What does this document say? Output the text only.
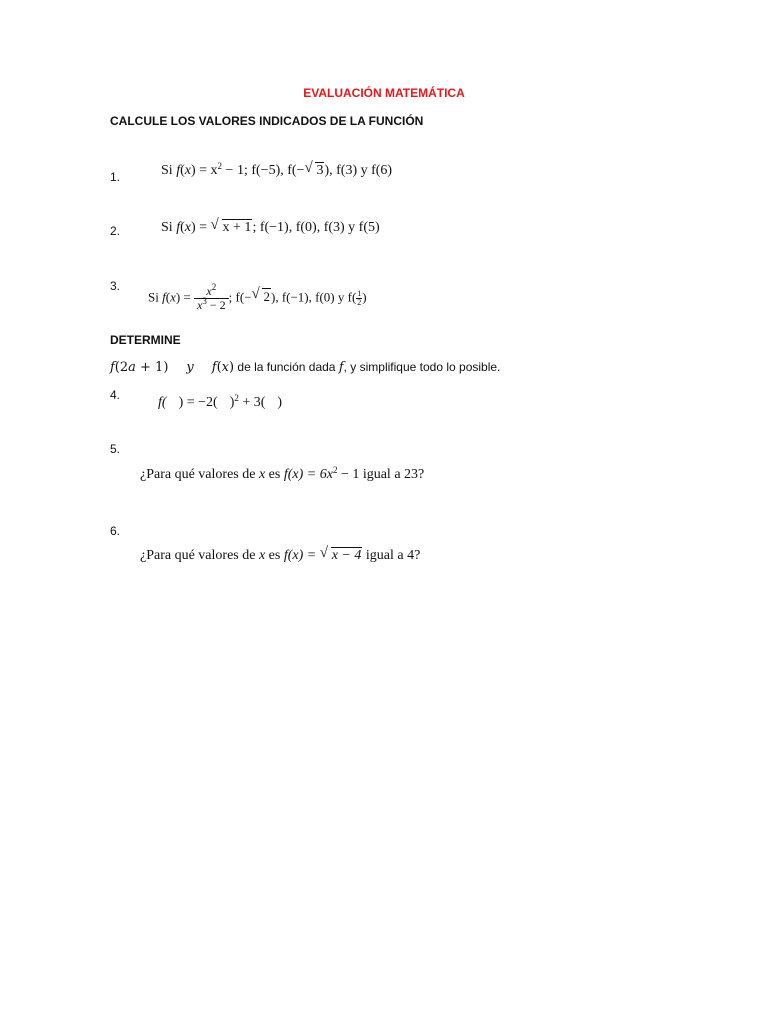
EVALUACIÓN MATEMÁTICA
CALCULE LOS VALORES INDICADOS DE LA FUNCIÓN
1.	Si $f(x) = x^2 - 1$; f(−5), f(− √ 3), f(3) y f(6)
2.	Si f(x) = √ x + 1; f(−1), f(0), f(3) y f(5)
3.
Si $f(x) = \frac{x^2}{x^3 - 2}$ ; f(− √ 2), f(−1), f(0) y $f( \frac{1}{2}$ )
DETERMINE
𝑓(2𝑎 + 1) 𝑦 𝑓(𝑥) de la función dada 𝑓, y simplifique todo lo posible.
4.	f( ) = −2( )$^2$ + 3( )
5.
¿Para qué valores de x es $f(x) = 6x^2 - 1$ igual a 23?
6.
¿Para qué valores de x es f(x) = √ x − 4 igual a 4?
